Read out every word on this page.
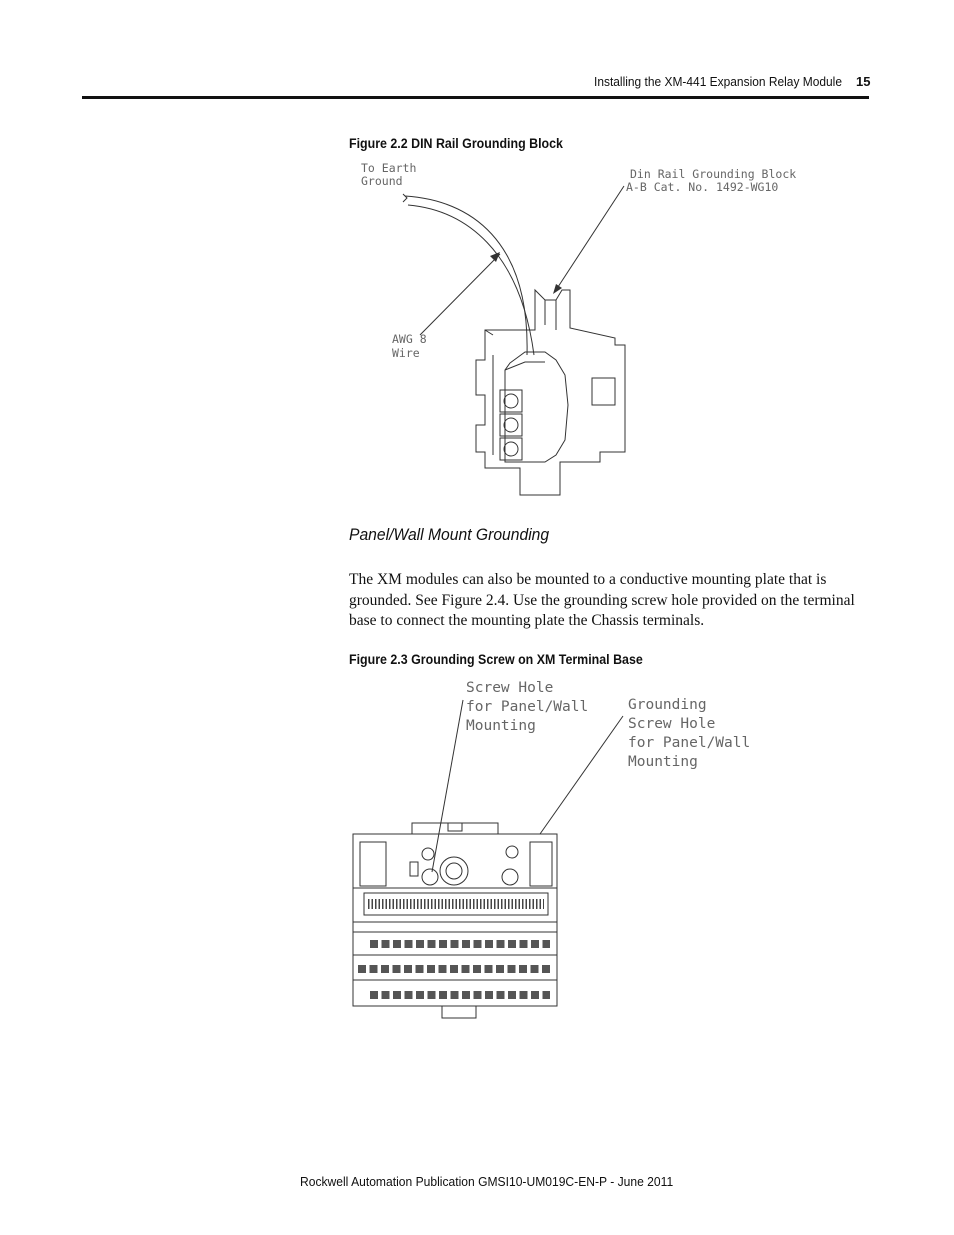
Installing the XM-441 Expansion Relay Module 15
Figure 2.2 DIN Rail Grounding Block
To Earth
Ground	Din Rail Grounding Block
A-B Cat. No. 1492-WG10
AWG 8
Wire
Panel/Wall Mount Grounding
The XM modules can also be mounted to a conductive mounting plate that is grounded. See Figure 2.4. Use the grounding screw hole provided on the terminal base to connect the mounting plate the Chassis terminals.
Figure 2.3 Grounding Screw on XM Terminal Base
Screw Hole
for Panel/Wall
Mounting
Grounding
Screw Hole
for Panel/Wall
Mounting
Rockwell Automation Publication GMSI10-UM019C-EN-P - June 2011
